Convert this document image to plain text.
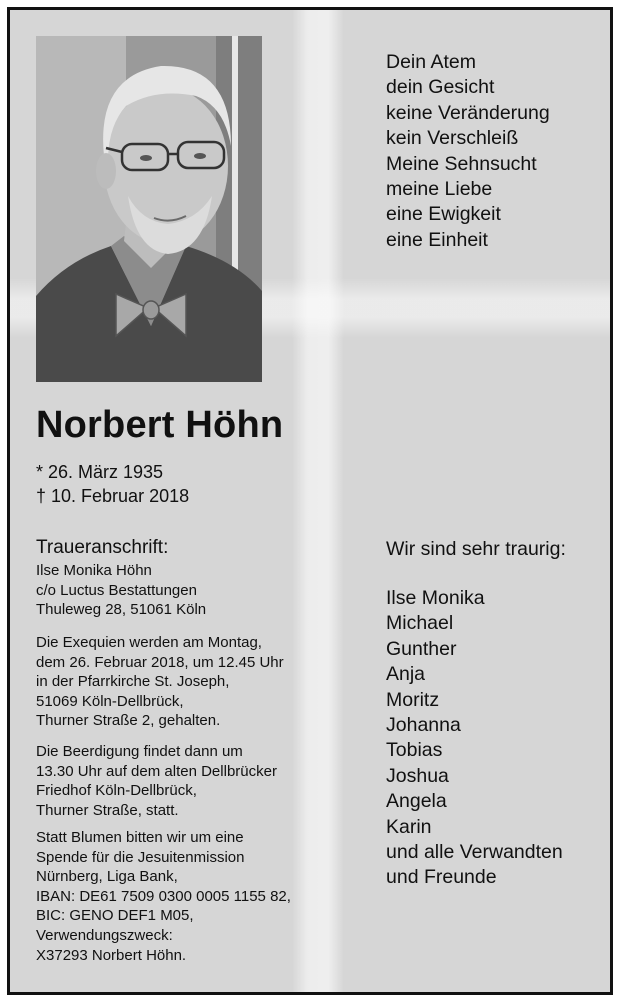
Dein Atem
dein Gesicht
keine Veränderung
kein Verschleiß
Meine Sehnsucht
meine Liebe
eine Ewigkeit
eine Einheit
Norbert Höhn
* 26. März 1935
† 10. Februar 2018
Traueranschrift:
Ilse Monika Höhn
c/o Luctus Bestattungen
Thuleweg 28, 51061 Köln
Die Exequien werden am Montag,
dem 26. Februar 2018, um 12.45 Uhr
in der Pfarrkirche St. Joseph,
51069 Köln-Dellbrück,
Thurner Straße 2, gehalten.
Die Beerdigung findet dann um
13.30 Uhr auf dem alten Dellbrücker
Friedhof Köln-Dellbrück,
Thurner Straße, statt.
Statt Blumen bitten wir um eine
Spende für die Jesuitenmission
Nürnberg, Liga Bank,
IBAN: DE61 7509 0300 0005 1155 82,
BIC: GENO DEF1 M05,
Verwendungszweck:
X37293 Norbert Höhn.
Wir sind sehr traurig:
Ilse Monika
Michael
Gunther
Anja
Moritz
Johanna
Tobias
Joshua
Angela
Karin
und alle Verwandten
und Freunde
